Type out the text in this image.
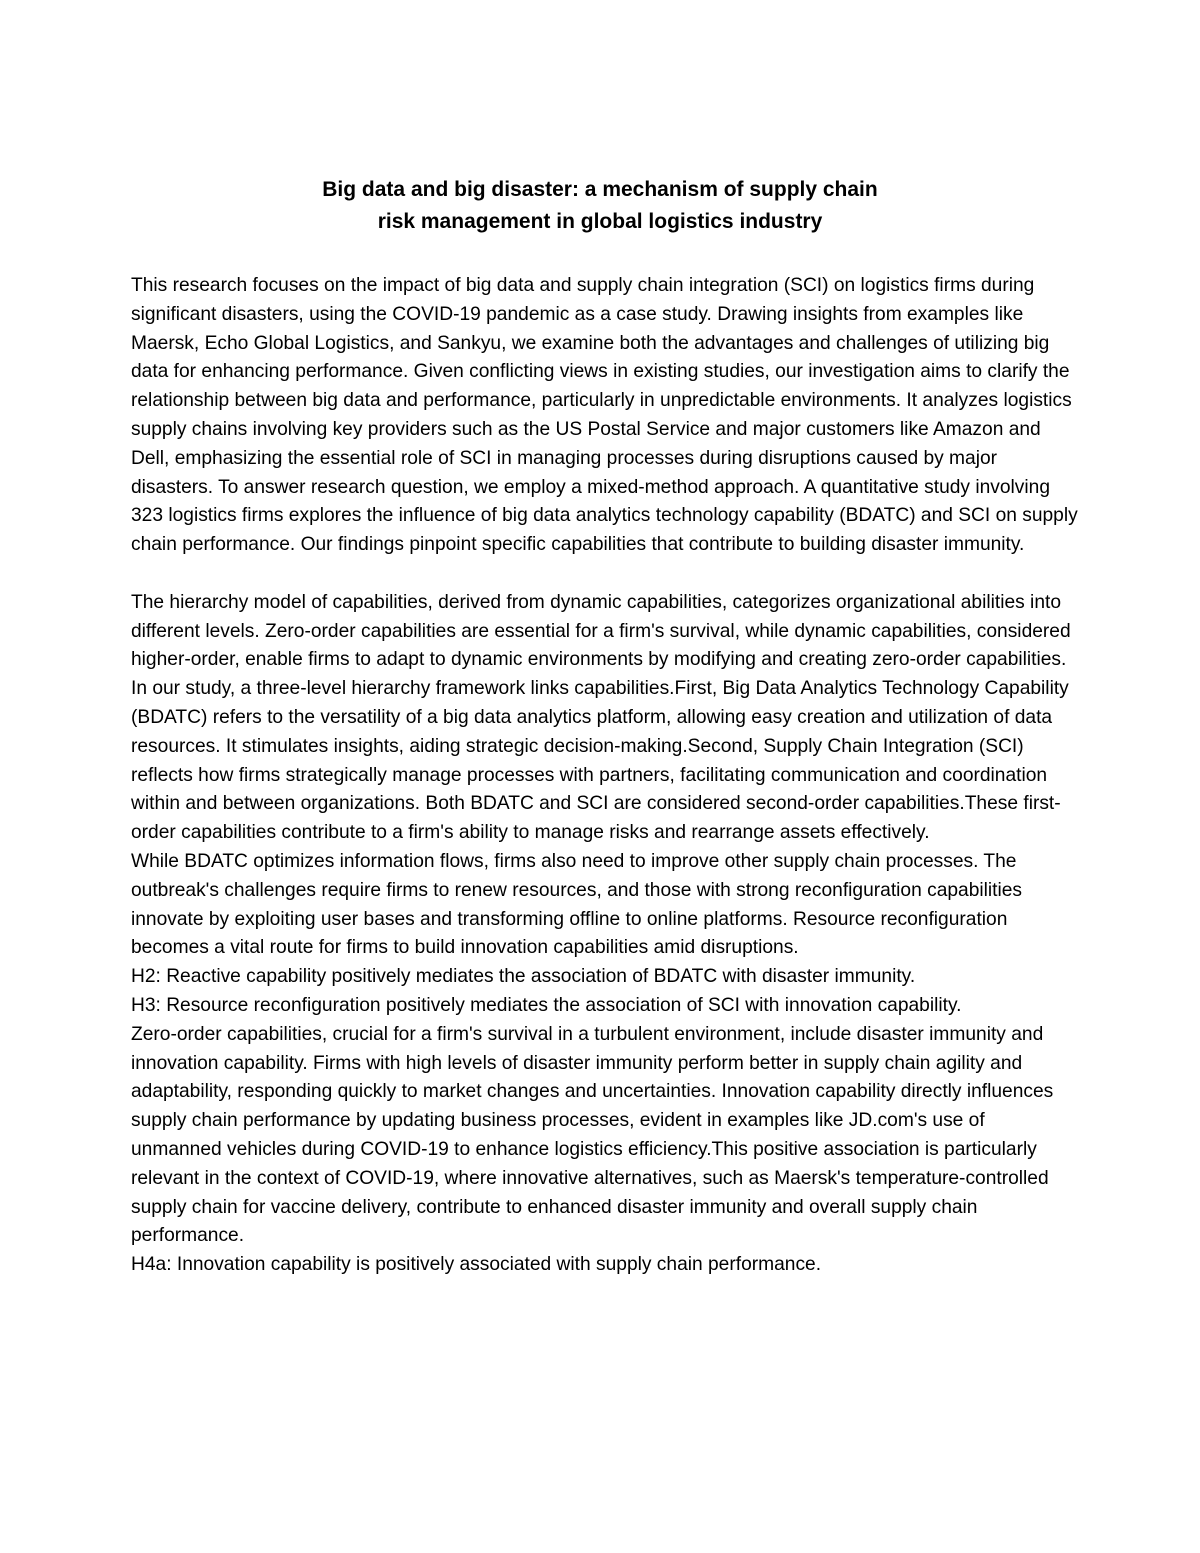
Big data and big disaster: a mechanism of supply chain
risk management in global logistics industry

This research focuses on the impact of big data and supply chain integration (SCI) on logistics firms during significant disasters, using the COVID-19 pandemic as a case study. Drawing insights from examples like Maersk, Echo Global Logistics, and Sankyu, we examine both the advantages and challenges of utilizing big data for enhancing performance. Given conflicting views in existing studies, our investigation aims to clarify the relationship between big data and performance, particularly in unpredictable environments. It analyzes logistics supply chains involving key providers such as the US Postal Service and major customers like Amazon and Dell, emphasizing the essential role of SCI in managing processes during disruptions caused by major disasters. To answer research question, we employ a mixed-method approach. A quantitative study involving 323 logistics firms explores the influence of big data analytics technology capability (BDATC) and SCI on supply chain performance. Our findings pinpoint specific capabilities that contribute to building disaster immunity.

The hierarchy model of capabilities, derived from dynamic capabilities, categorizes organizational abilities into different levels. Zero-order capabilities are essential for a firm's survival, while dynamic capabilities, considered higher-order, enable firms to adapt to dynamic environments by modifying and creating zero-order capabilities. In our study, a three-level hierarchy framework links capabilities.First, Big Data Analytics Technology Capability (BDATC) refers to the versatility of a big data analytics platform, allowing easy creation and utilization of data resources. It stimulates insights, aiding strategic decision-making.Second, Supply Chain Integration (SCI) reflects how firms strategically manage processes with partners, facilitating communication and coordination within and between organizations. Both BDATC and SCI are considered second-order capabilities.These first-order capabilities contribute to a firm's ability to manage risks and rearrange assets effectively.

While BDATC optimizes information flows, firms also need to improve other supply chain processes. The outbreak's challenges require firms to renew resources, and those with strong reconfiguration capabilities innovate by exploiting user bases and transforming offline to online platforms. Resource reconfiguration becomes a vital route for firms to build innovation capabilities amid disruptions.

H2: Reactive capability positively mediates the association of BDATC with disaster immunity.

H3: Resource reconfiguration positively mediates the association of SCI with innovation capability.

Zero-order capabilities, crucial for a firm's survival in a turbulent environment, include disaster immunity and innovation capability. Firms with high levels of disaster immunity perform better in supply chain agility and adaptability, responding quickly to market changes and uncertainties. Innovation capability directly influences supply chain performance by updating business processes, evident in examples like JD.com's use of unmanned vehicles during COVID-19 to enhance logistics efficiency.This positive association is particularly relevant in the context of COVID-19, where innovative alternatives, such as Maersk's temperature-controlled supply chain for vaccine delivery, contribute to enhanced disaster immunity and overall supply chain performance.

H4a: Innovation capability is positively associated with supply chain performance.
